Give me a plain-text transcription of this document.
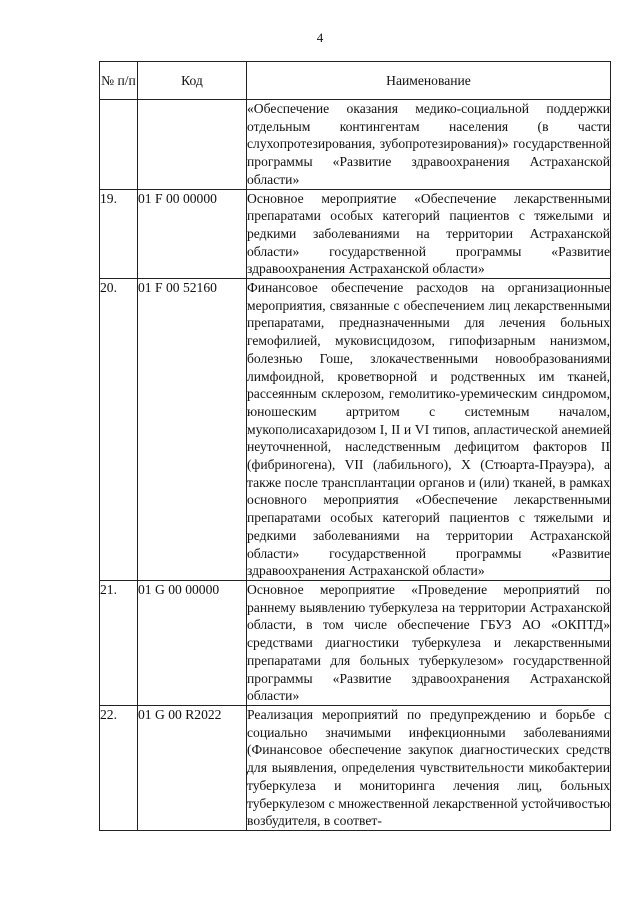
4
№ п/п	Код	Наименование
		«Обеспечение оказания медико-социальной поддержки отдельным контингентам населения (в части слухопротезирования, зубопротезирования)» государственной программы «Развитие здравоохранения Астраханской области»
19.	01 F 00 00000	Основное мероприятие «Обеспечение лекарственными препаратами особых категорий пациентов с тяжелыми и редкими заболеваниями на территории Астраханской области» государственной программы «Развитие здравоохранения Астраханской области»
20.	01 F 00 52160	Финансовое обеспечение расходов на организационные мероприятия, связанные с обеспечением лиц лекарственными препаратами, предназначенными для лечения больных гемофилией, муковисцидозом, гипофизарным нанизмом, болезнью Гоше, злокачественными новообразованиями лимфоидной, кроветворной и родственных им тканей, рассеянным склерозом, гемолитико-уремическим синдромом, юношеским артритом с системным началом, мукополисахаридозом I, II и VI типов, апластической анемией неуточненной, наследственным дефицитом факторов II (фибриногена), VII (лабильного), X (Стюарта-Прауэра), а также после трансплантации органов и (или) тканей, в рамках основного мероприятия «Обеспечение лекарственными препаратами особых категорий пациентов с тяжелыми и редкими заболеваниями на территории Астраханской области» государственной программы «Развитие здравоохранения Астраханской области»
21.	01 G 00 00000	Основное мероприятие «Проведение мероприятий по раннему выявлению туберкулеза на территории Астраханской области, в том числе обеспечение ГБУЗ АО «ОКПТД» средствами диагностики туберкулеза и лекарственными препаратами для больных туберкулезом» государственной программы «Развитие здравоохранения Астраханской области»
22.	01 G 00 R2022	Реализация мероприятий по предупреждению и борьбе с социально значимыми инфекционными заболеваниями (Финансовое обеспечение закупок диагностических средств для выявления, определения чувствительности микобактерии туберкулеза и мониторинга лечения лиц, больных туберкулезом с множественной лекарственной устойчивостью возбудителя, в соответ-
